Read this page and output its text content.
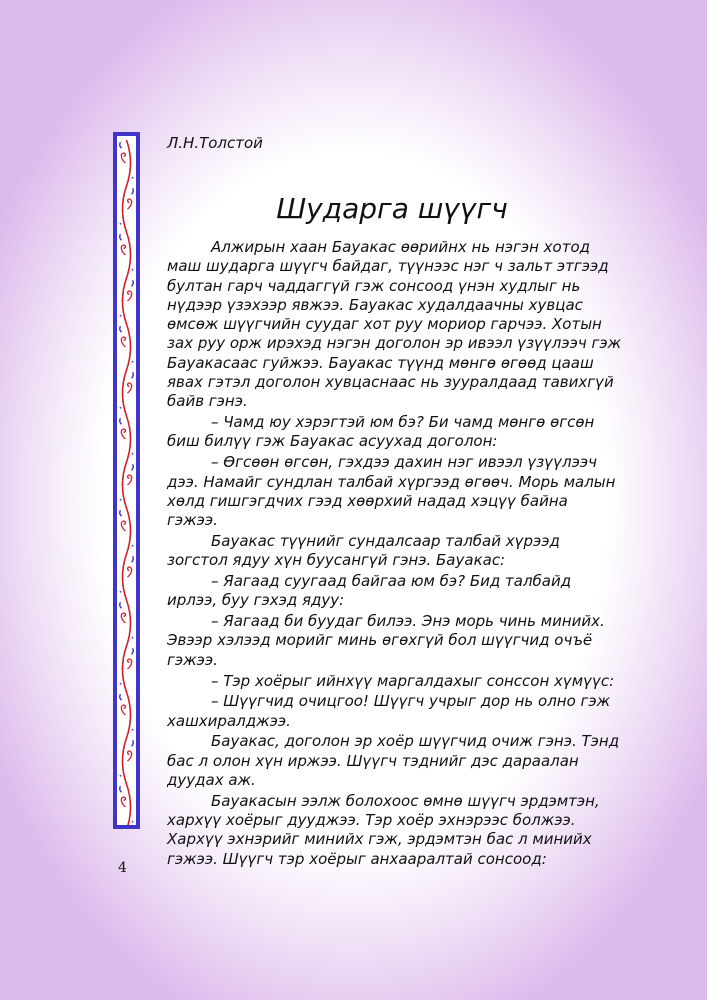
Л.Н.Толстой
Шударга шүүгч

Алжирын хаан Бауакас өөрийнх нь нэгэн хотод маш шударга шүүгч байдаг, түүнээс нэг ч зальт этгээд бултан гарч чаддаггүй гэж сонсоод үнэн худлыг нь нүдээр үзэхээр явжээ. Бауакас худалдаачны хувцас өмсөж шүүгчийн суудаг хот руу мориор гарчээ. Хотын зах руу орж ирэхэд нэгэн доголон эр ивээл үзүүлээч гэж Бауакасаас гуйжээ. Бауакас түүнд мөнгө өгөөд цааш явах гэтэл доголон хувцаснаас нь зууралдаад тавихгүй байв гэнэ.

– Чамд юу хэрэгтэй юм бэ? Би чамд мөнгө өгсөн биш билүү гэж Бауакас асуухад доголон:

– Өгсөөн өгсөн, гэхдээ дахин нэг ивээл үзүүлээч дээ. Намайг сундлан талбай хүргээд өгөөч. Морь малын хөлд гишгэгдчих гээд хөөрхий надад хэцүү байна гэжээ.

Бауакас түүнийг сундалсаар талбай хүрээд зогстол ядуу хүн буусангүй гэнэ. Бауакас:

– Яагаад суугаад байгаа юм бэ? Бид талбайд ирлээ, буу гэхэд ядуу:

– Яагаад би буудаг билээ. Энэ морь чинь минийх. Эвээр хэлээд морийг минь өгөхгүй бол шүүгчид очъё гэжээ.

– Тэр хоёрыг ийнхүү маргалдахыг сонссон хүмүүс:

– Шүүгчид очицгоо! Шүүгч учрыг дор нь олно гэж хашхиралджээ.

Бауакас, доголон эр хоёр шүүгчид очиж гэнэ. Тэнд бас л олон хүн иржээ. Шүүгч тэднийг дэс дараалан дуудах аж.

Бауакасын ээлж болохоос өмнө шүүгч эрдэмтэн, хархүү хоёрыг дууджээ. Тэр хоёр эхнэрээс болжээ. Хархүү эхнэрийг минийх гэж, эрдэмтэн бас л минийх гэжээ. Шүүгч тэр хоёрыг анхааралтай сонсоод:

4
